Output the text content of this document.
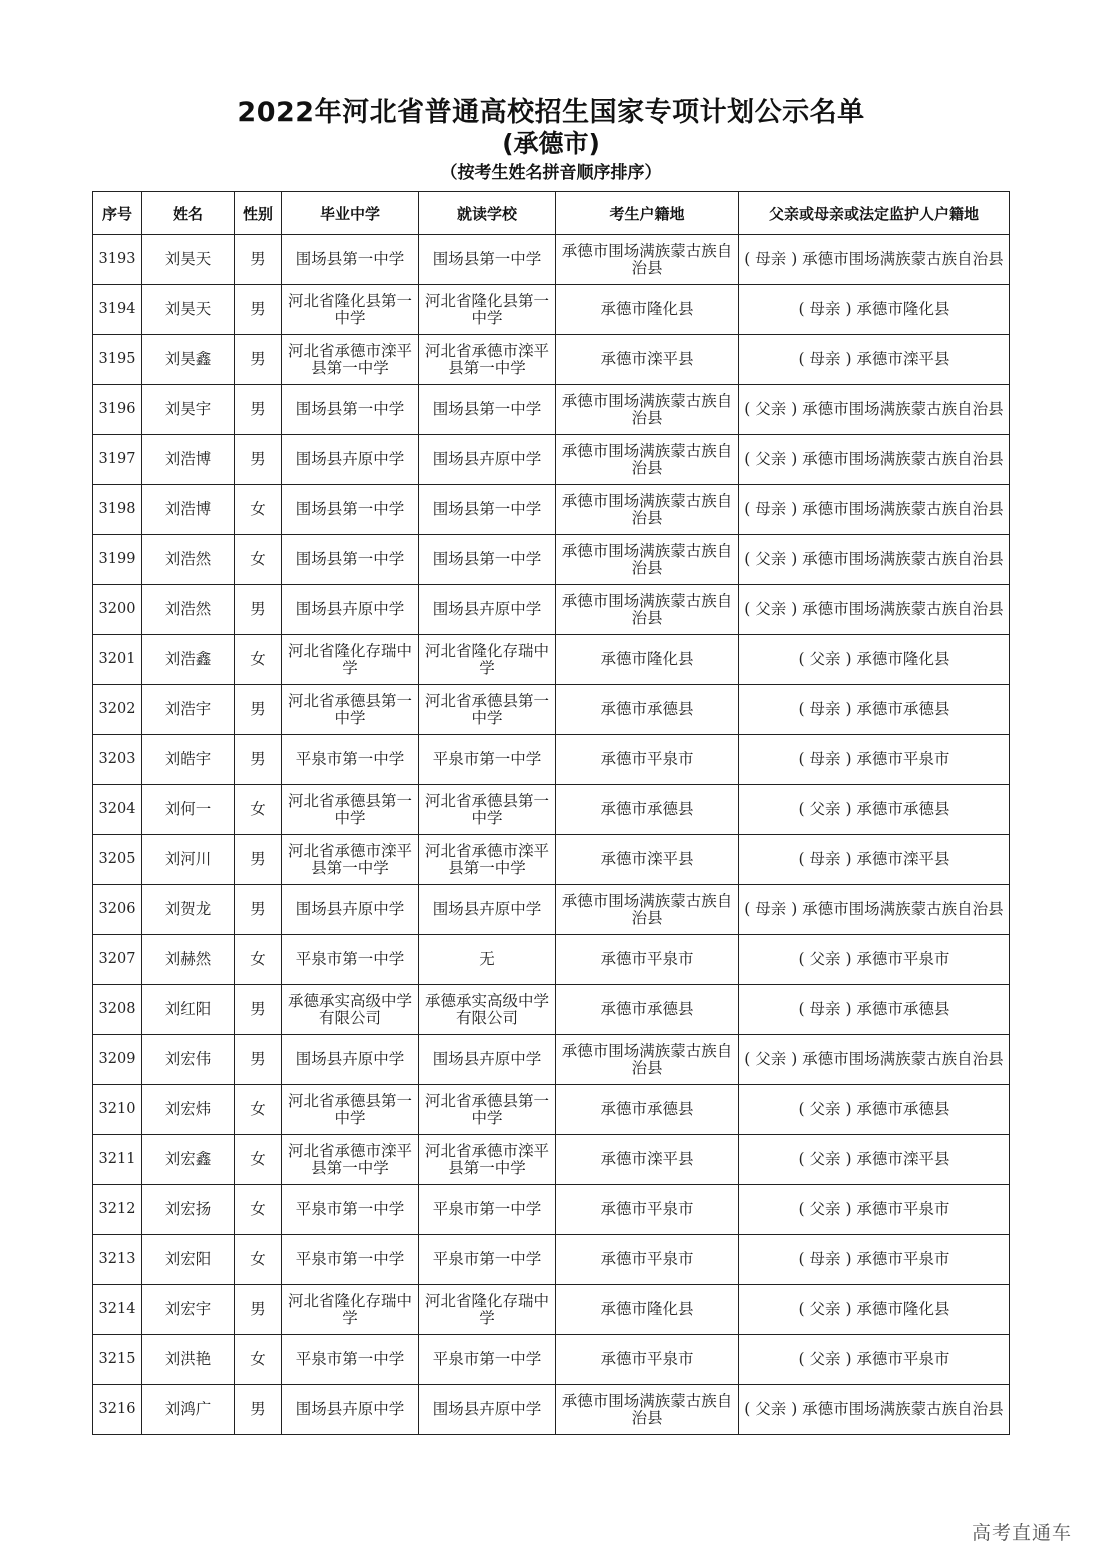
2022年河北省普通高校招生国家专项计划公示名单
(承德市)
（按考生姓名拼音顺序排序）
序号	姓名	性别	毕业中学	就读学校	考生户籍地	父亲或母亲或法定监护人户籍地
3193	刘昊天	男	围场县第一中学	围场县第一中学	承德市围场满族蒙古族自治县	( 母亲 ) 承德市围场满族蒙古族自治县
3194	刘昊天	男	河北省隆化县第一中学	河北省隆化县第一中学	承德市隆化县	( 母亲 ) 承德市隆化县
3195	刘昊鑫	男	河北省承德市滦平县第一中学	河北省承德市滦平县第一中学	承德市滦平县	( 母亲 ) 承德市滦平县
3196	刘昊宇	男	围场县第一中学	围场县第一中学	承德市围场满族蒙古族自治县	( 父亲 ) 承德市围场满族蒙古族自治县
3197	刘浩博	男	围场县卉原中学	围场县卉原中学	承德市围场满族蒙古族自治县	( 父亲 ) 承德市围场满族蒙古族自治县
3198	刘浩博	女	围场县第一中学	围场县第一中学	承德市围场满族蒙古族自治县	( 母亲 ) 承德市围场满族蒙古族自治县
3199	刘浩然	女	围场县第一中学	围场县第一中学	承德市围场满族蒙古族自治县	( 父亲 ) 承德市围场满族蒙古族自治县
3200	刘浩然	男	围场县卉原中学	围场县卉原中学	承德市围场满族蒙古族自治县	( 父亲 ) 承德市围场满族蒙古族自治县
3201	刘浩鑫	女	河北省隆化存瑞中学	河北省隆化存瑞中学	承德市隆化县	( 父亲 ) 承德市隆化县
3202	刘浩宇	男	河北省承德县第一中学	河北省承德县第一中学	承德市承德县	( 母亲 ) 承德市承德县
3203	刘皓宇	男	平泉市第一中学	平泉市第一中学	承德市平泉市	( 母亲 ) 承德市平泉市
3204	刘何一	女	河北省承德县第一中学	河北省承德县第一中学	承德市承德县	( 父亲 ) 承德市承德县
3205	刘河川	男	河北省承德市滦平县第一中学	河北省承德市滦平县第一中学	承德市滦平县	( 母亲 ) 承德市滦平县
3206	刘贺龙	男	围场县卉原中学	围场县卉原中学	承德市围场满族蒙古族自治县	( 母亲 ) 承德市围场满族蒙古族自治县
3207	刘赫然	女	平泉市第一中学	无	承德市平泉市	( 父亲 ) 承德市平泉市
3208	刘红阳	男	承德承实高级中学有限公司	承德承实高级中学有限公司	承德市承德县	( 母亲 ) 承德市承德县
3209	刘宏伟	男	围场县卉原中学	围场县卉原中学	承德市围场满族蒙古族自治县	( 父亲 ) 承德市围场满族蒙古族自治县
3210	刘宏炜	女	河北省承德县第一中学	河北省承德县第一中学	承德市承德县	( 父亲 ) 承德市承德县
3211	刘宏鑫	女	河北省承德市滦平县第一中学	河北省承德市滦平县第一中学	承德市滦平县	( 父亲 ) 承德市滦平县
3212	刘宏扬	女	平泉市第一中学	平泉市第一中学	承德市平泉市	( 父亲 ) 承德市平泉市
3213	刘宏阳	女	平泉市第一中学	平泉市第一中学	承德市平泉市	( 母亲 ) 承德市平泉市
3214	刘宏宇	男	河北省隆化存瑞中学	河北省隆化存瑞中学	承德市隆化县	( 父亲 ) 承德市隆化县
3215	刘洪艳	女	平泉市第一中学	平泉市第一中学	承德市平泉市	( 父亲 ) 承德市平泉市
3216	刘鸿广	男	围场县卉原中学	围场县卉原中学	承德市围场满族蒙古族自治县	( 父亲 ) 承德市围场满族蒙古族自治县
高考直通车
